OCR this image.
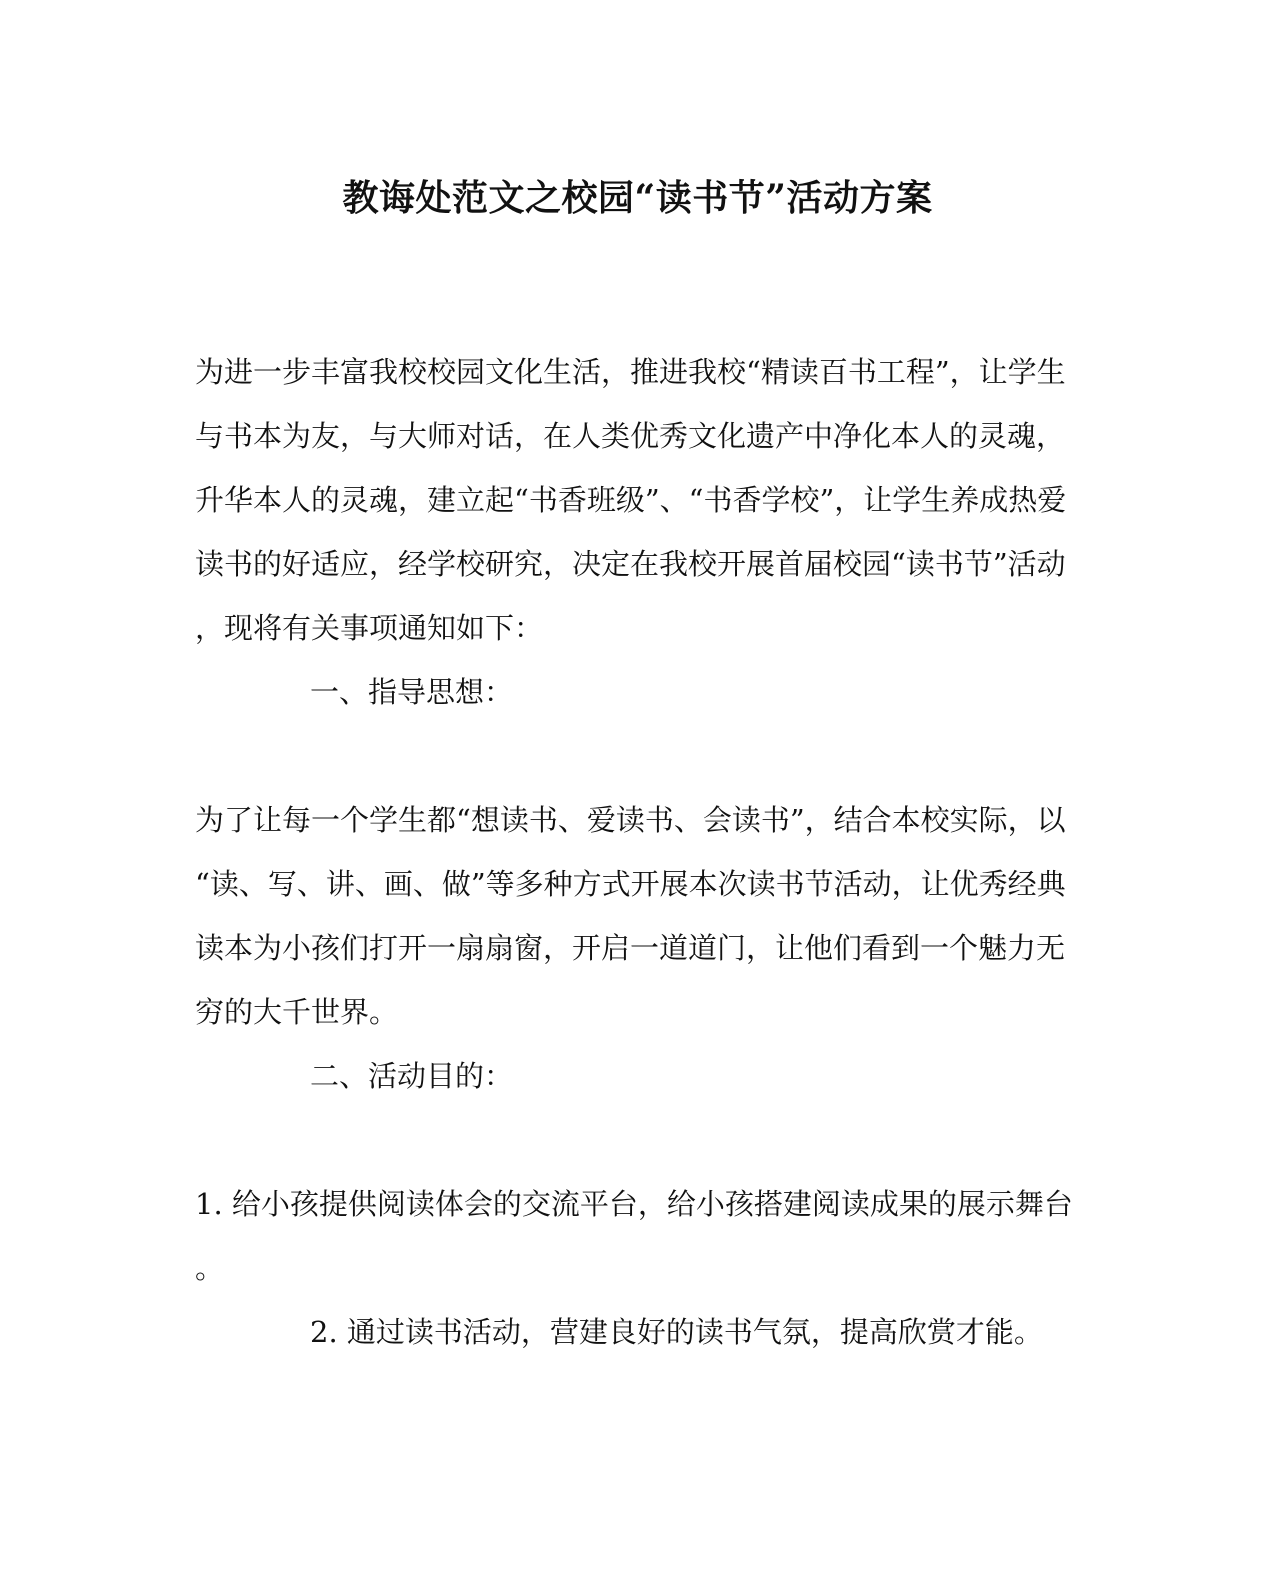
教诲处范文之校园“读书节”活动方案
为进一步丰富我校校园文化生活，推进我校“精读百书工程”，让学生
与书本为友，与大师对话，在人类优秀文化遗产中净化本人的灵魂，
升华本人的灵魂，建立起“书香班级”、“书香学校”，让学生养成热爱
读书的好适应，经学校研究，决定在我校开展首届校园“读书节”活动
，现将有关事项通知如下：
一、指导思想：
为了让每一个学生都“想读书、爱读书、会读书”，结合本校实际，以
“读、写、讲、画、做”等多种方式开展本次读书节活动，让优秀经典
读本为小孩们打开一扇扇窗，开启一道道门，让他们看到一个魅力无
穷的大千世界。
二、活动目的：
1. 给小孩提供阅读体会的交流平台，给小孩搭建阅读成果的展示舞台
。
2. 通过读书活动，营建良好的读书气氛，提高欣赏才能。
